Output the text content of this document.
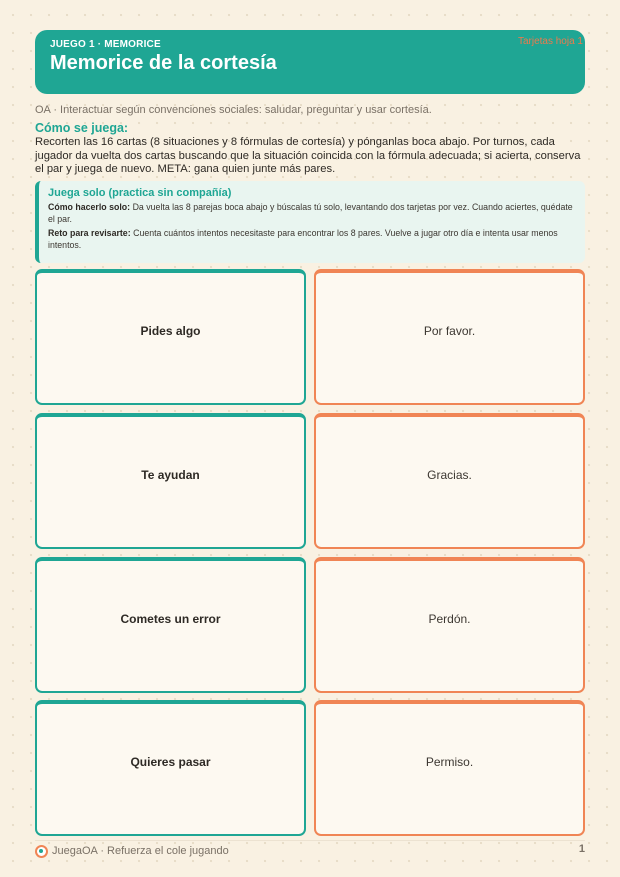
JUEGO 1 · MEMORICE
Memorice de la cortesía
Tarjetas hoja 1
OA · Interactuar según convenciones sociales: saludar, preguntar y usar cortesía.
Cómo se juega:
Recorten las 16 cartas (8 situaciones y 8 fórmulas de cortesía) y pónganlas boca abajo. Por turnos, cada jugador da vuelta dos cartas buscando que la situación coincida con la fórmula adecuada; si acierta, conserva el par y juega de nuevo. META: gana quien junte más pares.
Juega solo (practica sin compañía)

Cómo hacerlo solo: Da vuelta las 8 parejas boca abajo y búscalas tú solo, levantando dos tarjetas por vez. Cuando aciertes, quédate el par.

Reto para revisarte: Cuenta cuántos intentos necesitaste para encontrar los 8 pares. Vuelve a jugar otro día e intenta usar menos intentos.

Pides algo	Por favor.
Te ayudan	Gracias.
Cometes un error	Perdón.
Quieres pasar	Permiso.
JuegaOA · Refuerza el cole jugando	1
